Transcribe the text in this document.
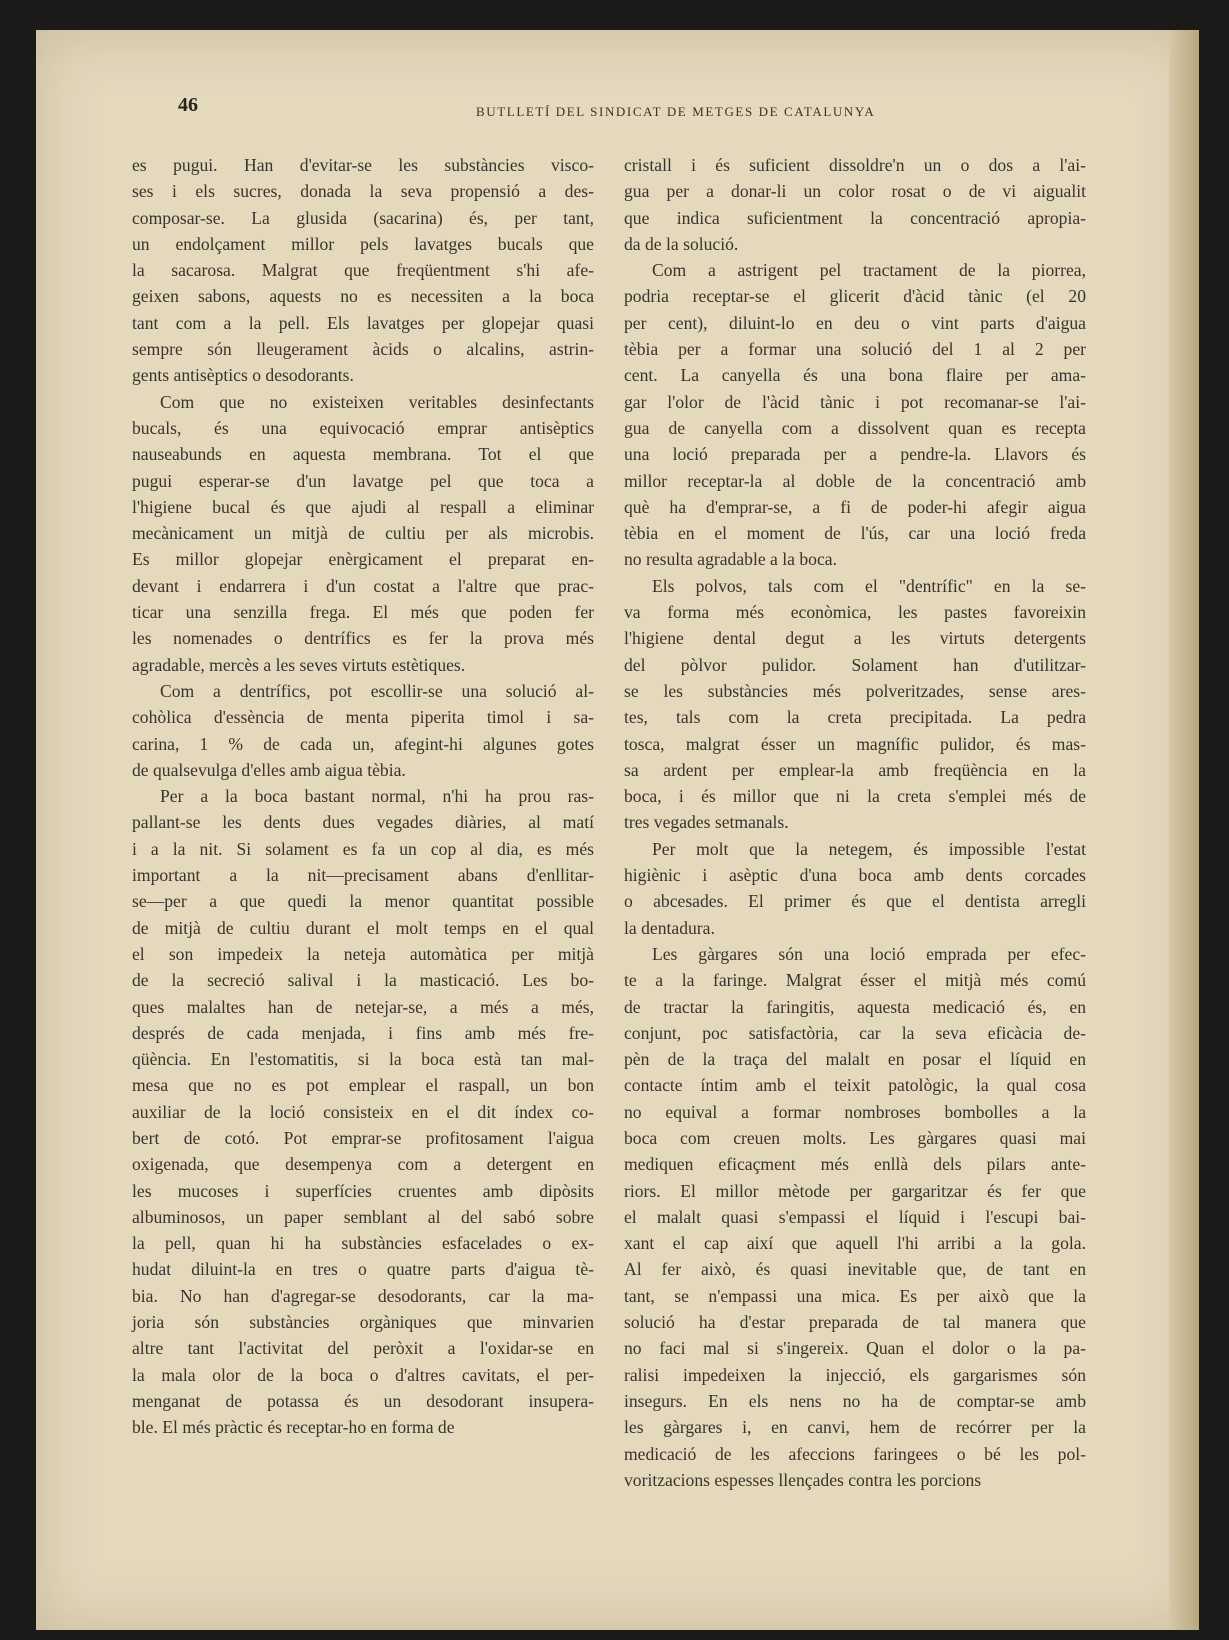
46	BUTLLETÍ DEL SINDICAT DE METGES DE CATALUNYA
es pugui. Han d'evitar-se les substàncies visco-
ses i els sucres, donada la seva propensió a des-
composar-se. La glusida (sacarina) és, per tant,
un endolçament millor pels lavatges bucals que
la sacarosa. Malgrat que freqüentment s'hi afe-
geixen sabons, aquests no es necessiten a la boca
tant com a la pell. Els lavatges per glopejar quasi
sempre són lleugerament àcids o alcalins, astrin-
gents antisèptics o desodorants.
Com que no existeixen veritables desinfectants
bucals, és una equivocació emprar antisèptics
nauseabunds en aquesta membrana. Tot el que
pugui esperar-se d'un lavatge pel que toca a
l'higiene bucal és que ajudi al respall a eliminar
mecànicament un mitjà de cultiu per als microbis.
Es millor glopejar enèrgicament el preparat en-
devant i endarrera i d'un costat a l'altre que prac-
ticar una senzilla frega. El més que poden fer
les nomenades o dentrífics es fer la prova més
agradable, mercès a les seves virtuts estètiques.
Com a dentrífics, pot escollir-se una solució al-
cohòlica d'essència de menta piperita timol i sa-
carina, 1 % de cada un, afegint-hi algunes gotes
de qualsevulga d'elles amb aigua tèbia.
Per a la boca bastant normal, n'hi ha prou ras-
pallant-se les dents dues vegades diàries, al matí
i a la nit. Si solament es fa un cop al dia, es més
important a la nit—precisament abans d'enllitar-
se—per a que quedi la menor quantitat possible
de mitjà de cultiu durant el molt temps en el qual
el son impedeix la neteja automàtica per mitjà
de la secreció salival i la masticació. Les bo-
ques malaltes han de netejar-se, a més a més,
després de cada menjada, i fins amb més fre-
qüència. En l'estomatitis, si la boca està tan mal-
mesa que no es pot emplear el raspall, un bon
auxiliar de la loció consisteix en el dit índex co-
bert de cotó. Pot emprar-se profitosament l'aigua
oxigenada, que desempenya com a detergent en
les mucoses i superfícies cruentes amb dipòsits
albuminosos, un paper semblant al del sabó sobre
la pell, quan hi ha substàncies esfacelades o ex-
hudat diluint-la en tres o quatre parts d'aigua tè-
bia. No han d'agregar-se desodorants, car la ma-
joria són substàncies orgàniques que minvarien
altre tant l'activitat del peròxit a l'oxidar-se en
la mala olor de la boca o d'altres cavitats, el per-
menganat de potassa és un desodorant insupera-
ble. El més pràctic és receptar-ho en forma de
cristall i és suficient dissoldre'n un o dos a l'ai-
gua per a donar-li un color rosat o de vi aigualit
que indica suficientment la concentració apropia-
da de la solució.
Com a astrigent pel tractament de la piorrea,
podria receptar-se el glicerit d'àcid tànic (el 20
per cent), diluint-lo en deu o vint parts d'aigua
tèbia per a formar una solució del 1 al 2 per
cent. La canyella és una bona flaire per ama-
gar l'olor de l'àcid tànic i pot recomanar-se l'ai-
gua de canyella com a dissolvent quan es recepta
una loció preparada per a pendre-la. Llavors és
millor receptar-la al doble de la concentració amb
què ha d'emprar-se, a fi de poder-hi afegir aigua
tèbia en el moment de l'ús, car una loció freda
no resulta agradable a la boca.
Els polvos, tals com el "dentrífic" en la se-
va forma més econòmica, les pastes favoreixin
l'higiene dental degut a les virtuts detergents
del pòlvor pulidor. Solament han d'utilitzar-
se les substàncies més polveritzades, sense ares-
tes, tals com la creta precipitada. La pedra
tosca, malgrat ésser un magnífic pulidor, és mas-
sa ardent per emplear-la amb freqüència en la
boca, i és millor que ni la creta s'emplei més de
tres vegades setmanals.
Per molt que la netegem, és impossible l'estat
higiènic i asèptic d'una boca amb dents corcades
o abcesades. El primer és que el dentista arregli
la dentadura.
Les gàrgares són una loció emprada per efec-
te a la faringe. Malgrat ésser el mitjà més comú
de tractar la faringitis, aquesta medicació és, en
conjunt, poc satisfactòria, car la seva eficàcia de-
pèn de la traça del malalt en posar el líquid en
contacte íntim amb el teixit patològic, la qual cosa
no equival a formar nombroses bombolles a la
boca com creuen molts. Les gàrgares quasi mai
mediquen eficaçment més enllà dels pilars ante-
riors. El millor mètode per gargaritzar és fer que
el malalt quasi s'empassi el líquid i l'escupi bai-
xant el cap així que aquell l'hi arribi a la gola.
Al fer això, és quasi inevitable que, de tant en
tant, se n'empassi una mica. Es per això que la
solució ha d'estar preparada de tal manera que
no faci mal si s'ingereix. Quan el dolor o la pa-
ralisi impedeixen la injecció, els gargarismes són
insegurs. En els nens no ha de comptar-se amb
les gàrgares i, en canvi, hem de recórrer per la
medicació de les afeccions faringees o bé les pol-
voritzacions espesses llençades contra les porcions
